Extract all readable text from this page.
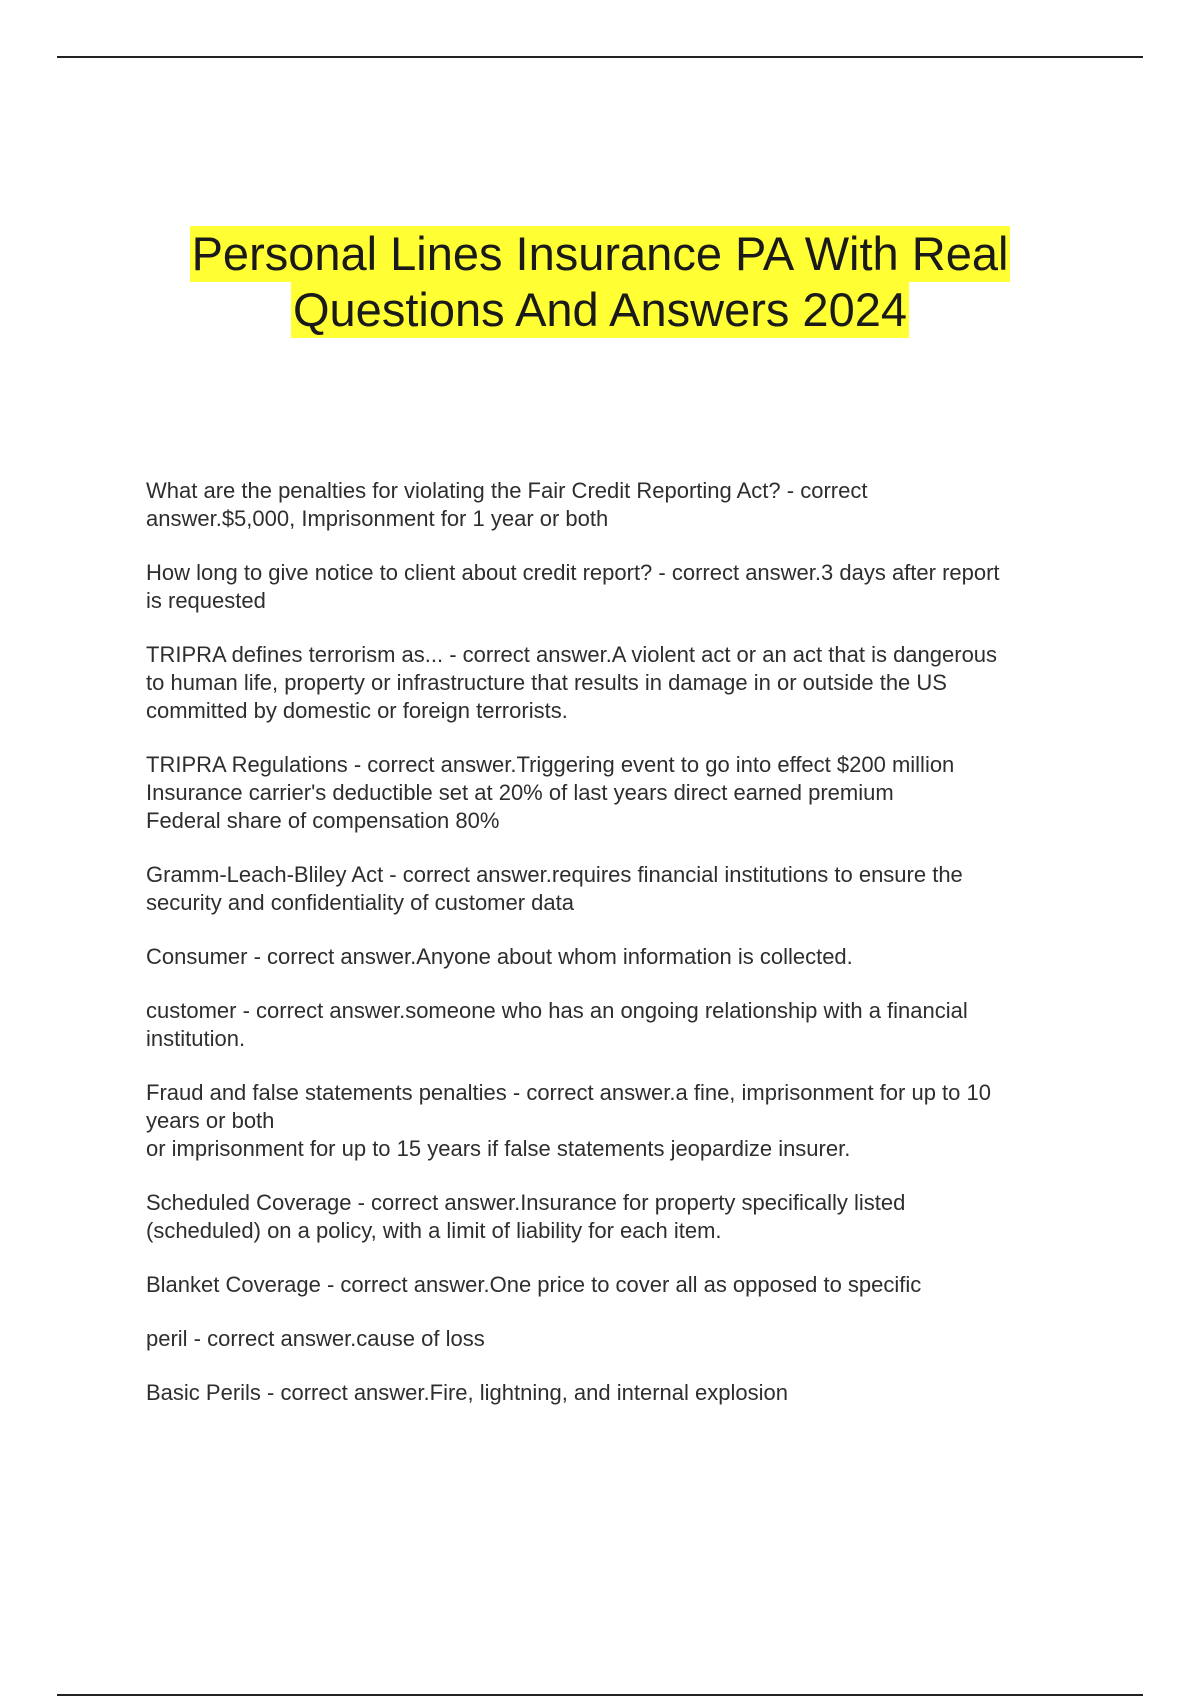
Personal Lines Insurance PA With Real
Questions And Answers 2024

What are the penalties for violating the Fair Credit Reporting Act? - correct
answer.$5,000, Imprisonment for 1 year or both

How long to give notice to client about credit report? - correct answer.3 days after report
is requested

TRIPRA defines terrorism as... - correct answer.A violent act or an act that is dangerous
to human life, property or infrastructure that results in damage in or outside the US
committed by domestic or foreign terrorists.

TRIPRA Regulations - correct answer.Triggering event to go into effect $200 million
Insurance carrier's deductible set at 20% of last years direct earned premium
Federal share of compensation 80%

Gramm-Leach-Bliley Act - correct answer.requires financial institutions to ensure the
security and confidentiality of customer data

Consumer - correct answer.Anyone about whom information is collected.

customer - correct answer.someone who has an ongoing relationship with a financial
institution.

Fraud and false statements penalties - correct answer.a fine, imprisonment for up to 10
years or both
or imprisonment for up to 15 years if false statements jeopardize insurer.

Scheduled Coverage - correct answer.Insurance for property specifically listed
(scheduled) on a policy, with a limit of liability for each item.

Blanket Coverage - correct answer.One price to cover all as opposed to specific

peril - correct answer.cause of loss

Basic Perils - correct answer.Fire, lightning, and internal explosion
